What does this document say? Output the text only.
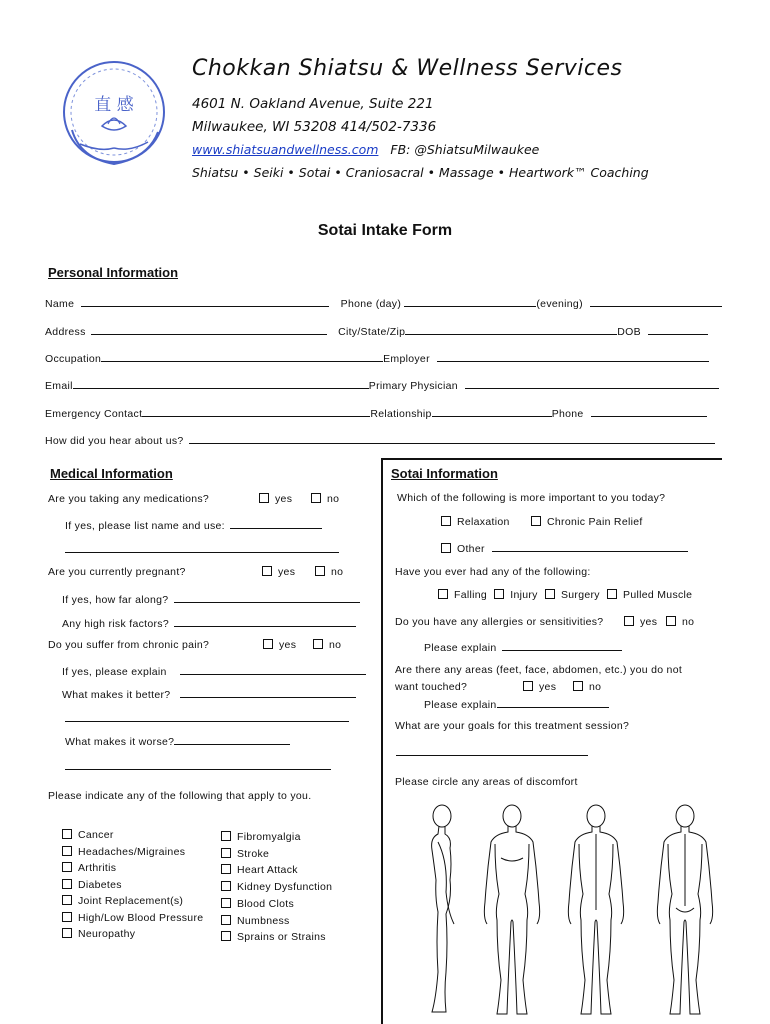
直 感
Chokkan Shiatsu & Wellness Services
4601 N. Oakland Avenue, Suite 221
Milwaukee, WI 53208 414/502-7336
www.shiatsuandwellness.com FB: @ShiatsuMilwaukee
Shiatsu • Seiki • Sotai • Craniosacral • Massage • Heartwork™ Coaching
Sotai Intake Form
Personal Information
Name	Phone (day)	(evening)
Address	City/State/Zip	DOB
Occupation	Employer
Email	Primary Physician
Emergency Contact	Relationship	Phone
How did you hear about us?
Medical Information
Are you taking any medications?	yes	no
If yes, please list name and use:
Are you currently pregnant?	yes	no
If yes, how far along?
Any high risk factors?
Do you suffer from chronic pain?	yes	no
If yes, please explain
What makes it better?
What makes it worse?
Please indicate any of the following that apply to you.
Cancer
Headaches/Migraines
Arthritis
Diabetes
Joint Replacement(s)
High/Low Blood Pressure
Neuropathy
Fibromyalgia
Stroke
Heart Attack
Kidney Dysfunction
Blood Clots
Numbness
Sprains or Strains
Sotai Information
Which of the following is more important to you today?
Relaxation	Chronic Pain Relief
Other
Have you ever had any of the following:
Falling Injury Surgery Pulled Muscle
Do you have any allergies or sensitivities?	yes	no
Please explain
Are there any areas (feet, face, abdomen, etc.) you do not
want touched?	yes	no
Please explain
What are your goals for this treatment session?
Please circle any areas of discomfort
